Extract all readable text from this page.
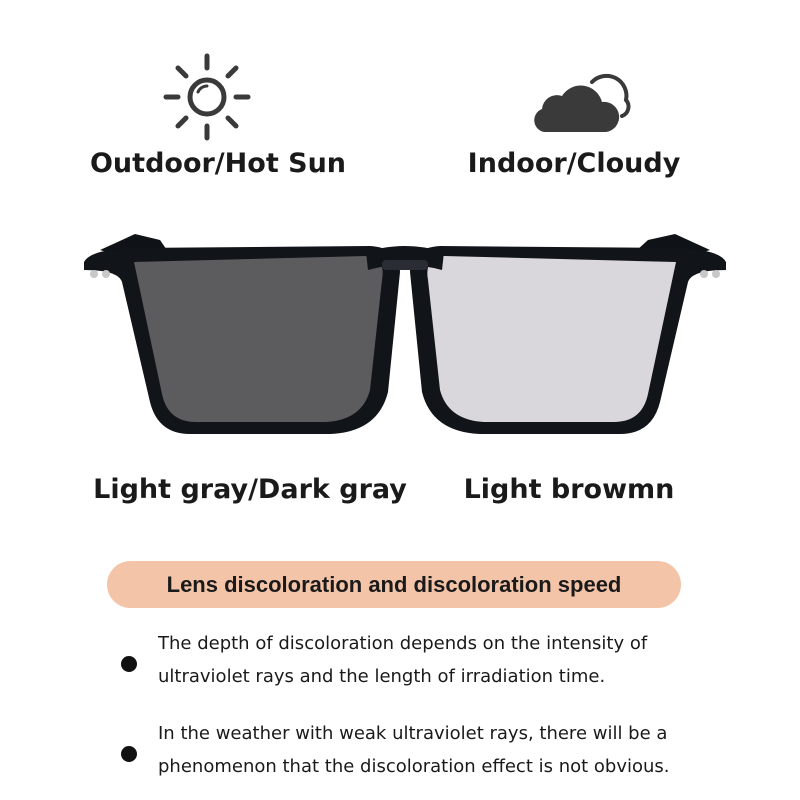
Outdoor/Hot Sun	Indoor/Cloudy
Light gray/Dark gray Light browmn
Lens discoloration and discoloration speed
The depth of discoloration depends on the intensity of
ultraviolet rays and the length of irradiation time.
In the weather with weak ultraviolet rays, there will be a
phenomenon that the discoloration effect is not obvious.
